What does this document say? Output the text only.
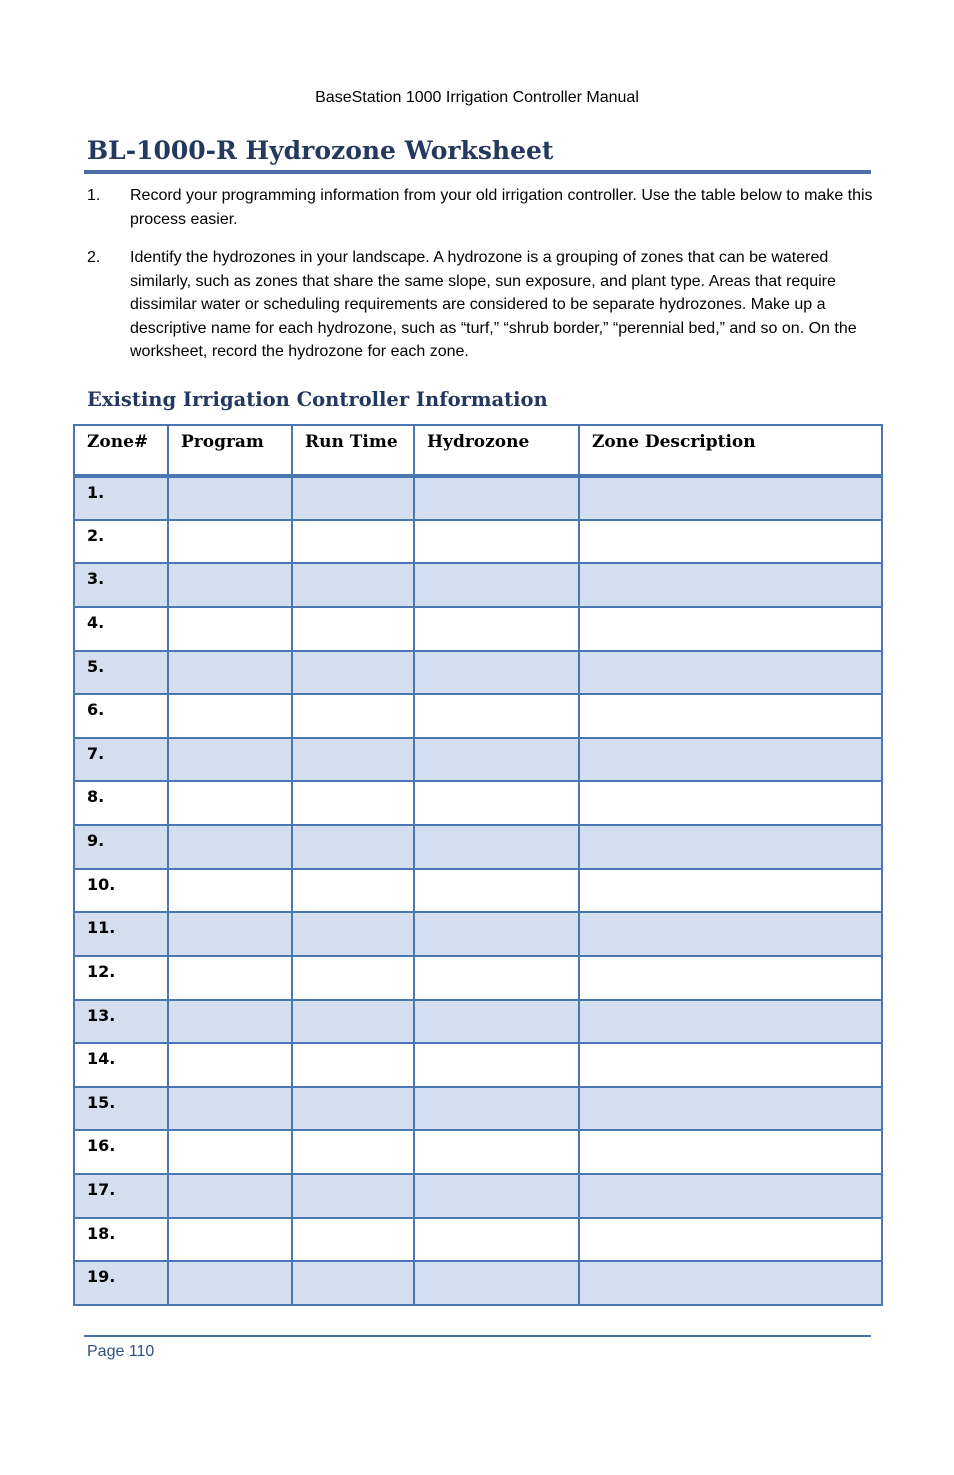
BaseStation 1000 Irrigation Controller Manual
BL-1000-R Hydrozone Worksheet
1.	Record your programming information from your old irrigation controller. Use the table below to make this process easier.
2.	Identify the hydrozones in your landscape. A hydrozone is a grouping of zones that can be watered similarly, such as zones that share the same slope, sun exposure, and plant type. Areas that require dissimilar water or scheduling requirements are considered to be separate hydrozones. Make up a descriptive name for each hydrozone, such as “turf,” “shrub border,” “perennial bed,” and so on. On the worksheet, record the hydrozone for each zone.
Existing Irrigation Controller Information
Zone#	Program	Run Time	Hydrozone	Zone Description
1.				
2.				
3.				
4.				
5.				
6.				
7.				
8.				
9.				
10.				
11.				
12.				
13.				
14.				
15.				
16.				
17.				
18.				
19.				
Page 110
